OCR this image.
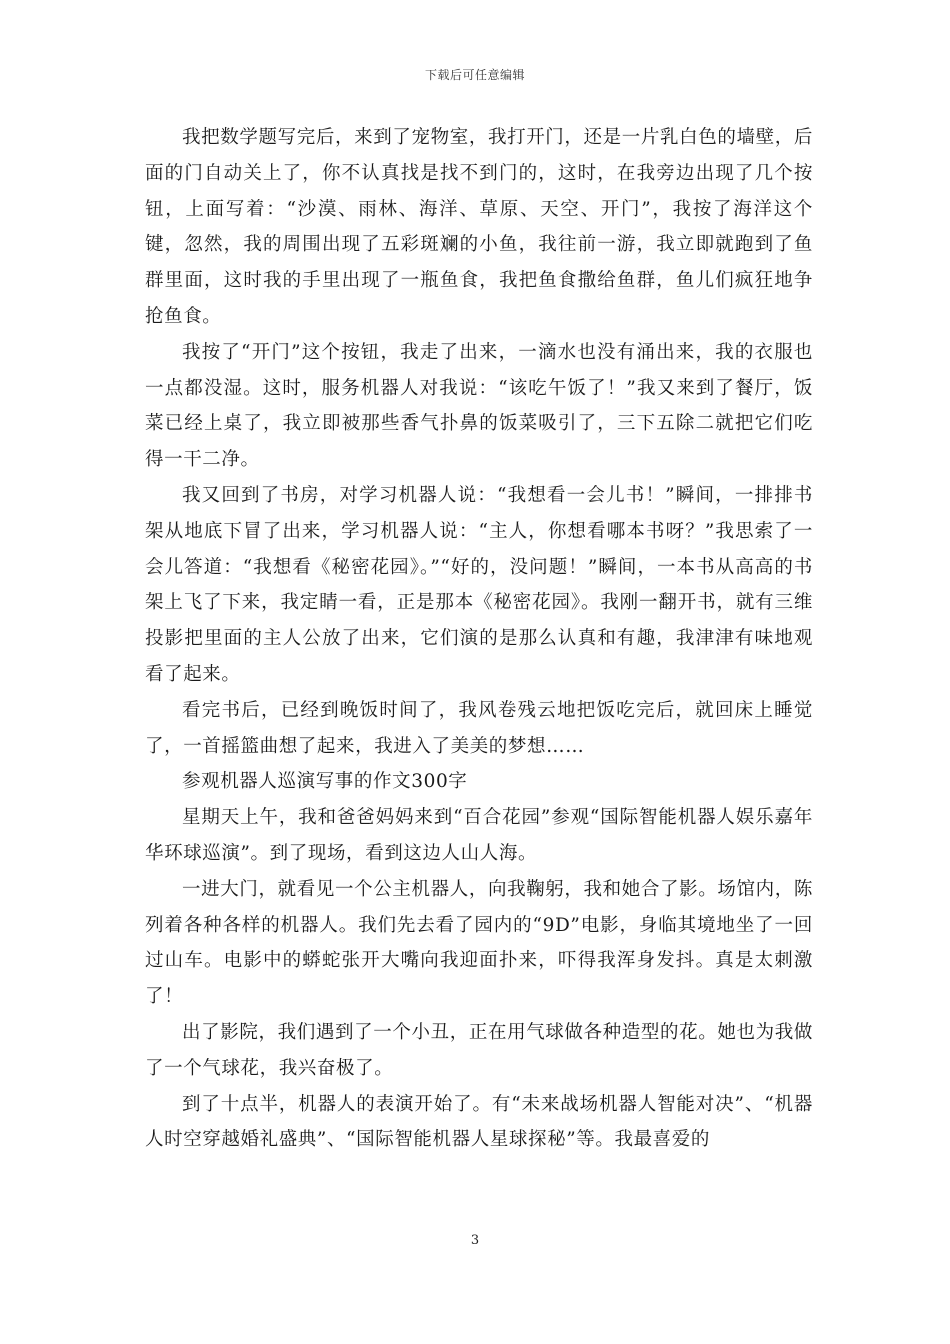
下载后可任意编辑

我把数学题写完后，来到了宠物室，我打开门，还是一片乳白色的墙壁，后面的门自动关上了，你不认真找是找不到门的，这时，在我旁边出现了几个按钮，上面写着：“沙漠、雨林、海洋、草原、天空、开门”，我按了海洋这个键，忽然，我的周围出现了五彩斑斓的小鱼，我往前一游，我立即就跑到了鱼群里面，这时我的手里出现了一瓶鱼食，我把鱼食撒给鱼群，鱼儿们疯狂地争抢鱼食。

我按了“开门”这个按钮，我走了出来，一滴水也没有涌出来，我的衣服也一点都没湿。这时，服务机器人对我说：“该吃午饭了！”我又来到了餐厅，饭菜已经上桌了，我立即被那些香气扑鼻的饭菜吸引了，三下五除二就把它们吃得一干二净。

我又回到了书房，对学习机器人说：“我想看一会儿书！”瞬间，一排排书架从地底下冒了出来，学习机器人说：“主人，你想看哪本书呀？”我思索了一会儿答道：“我想看《秘密花园》。”“好的，没问题！”瞬间，一本书从高高的书架上飞了下来，我定睛一看，正是那本《秘密花园》。我刚一翻开书，就有三维投影把里面的主人公放了出来，它们演的是那么认真和有趣，我津津有味地观看了起来。

看完书后，已经到晚饭时间了，我风卷残云地把饭吃完后，就回床上睡觉了，一首摇篮曲想了起来，我进入了美美的梦想……

参观机器人巡演写事的作文300字

星期天上午，我和爸爸妈妈来到“百合花园”参观“国际智能机器人娱乐嘉年华环球巡演”。到了现场，看到这边人山人海。

一进大门，就看见一个公主机器人，向我鞠躬，我和她合了影。场馆内，陈列着各种各样的机器人。我们先去看了园内的“9D”电影，身临其境地坐了一回过山车。电影中的蟒蛇张开大嘴向我迎面扑来，吓得我浑身发抖。真是太刺激了！

出了影院，我们遇到了一个小丑，正在用气球做各种造型的花。她也为我做了一个气球花，我兴奋极了。

到了十点半，机器人的表演开始了。有“未来战场机器人智能对决”、“机器人时空穿越婚礼盛典”、“国际智能机器人星球探秘”等。我最喜爱的

3
